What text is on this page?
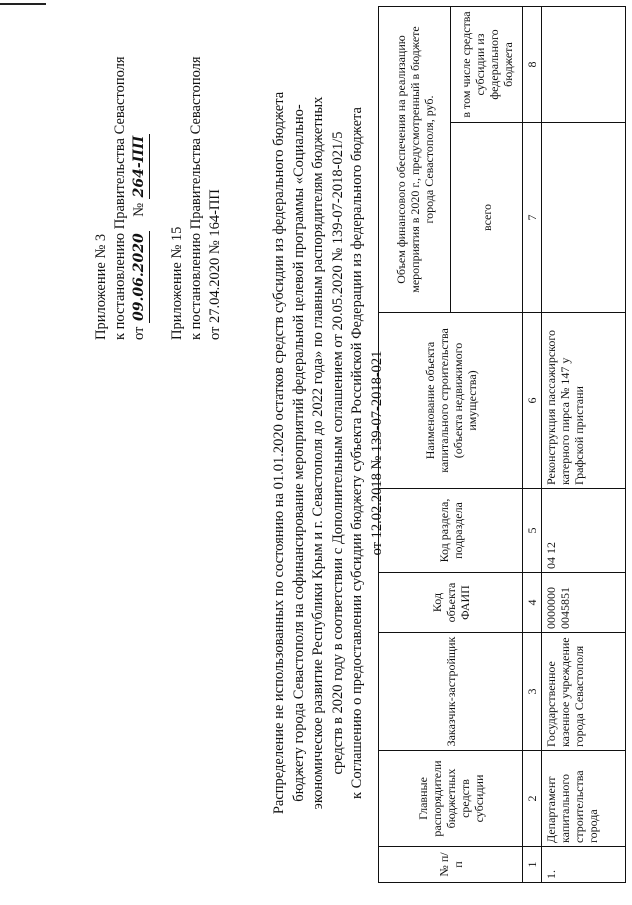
Приложение № 3 к постановлению Правительства Севастополя от 09.06.2020    № 264-ПП
Приложение № 15 к постановлению Правительства Севастополя от 27.04.2020 № 164-ПП	Распределение не использованных по состоянию на 01.01.2020 остатков средств субсидии из федерального бюджета бюджету города Севастополя на софинансирование мероприятий федеральной целевой программы «Социально- экономическое развитие Республики Крым и г. Севастополя до 2022 года» по главным распорядителям бюджетных средств в 2020 году в соответствии с Дополнительным соглашением от 20.05.2020 № 139-07-2018-021/5 к Соглашению о предоставлении субсидии бюджету субъекта Российской Федерации из федерального бюджета от 12.02.2018 № 139-07-2018-021
№ п/п	Главные распорядители бюджетных средств субсидии	Заказчик-застройщик	Код объекта ФАИП	Код раздела, подраздела	Наименование объекта капитального строительства (объекта недвижимого имущества)	Объем финансового обеспечения на реализацию мероприятия в 2020 г., предусмотренный в бюджете города Севастополя, руб.	
						всего	в том числе средства субсидии из федерального бюджета
1	2	3	4	5	6	7	8
1.	Департамент капитального строительства города	Государственное казенное учреждение города Севастополя	0000000 0045851	04 12	Реконструкция пассажирского катерного пирса № 147 у Графской пристани		
